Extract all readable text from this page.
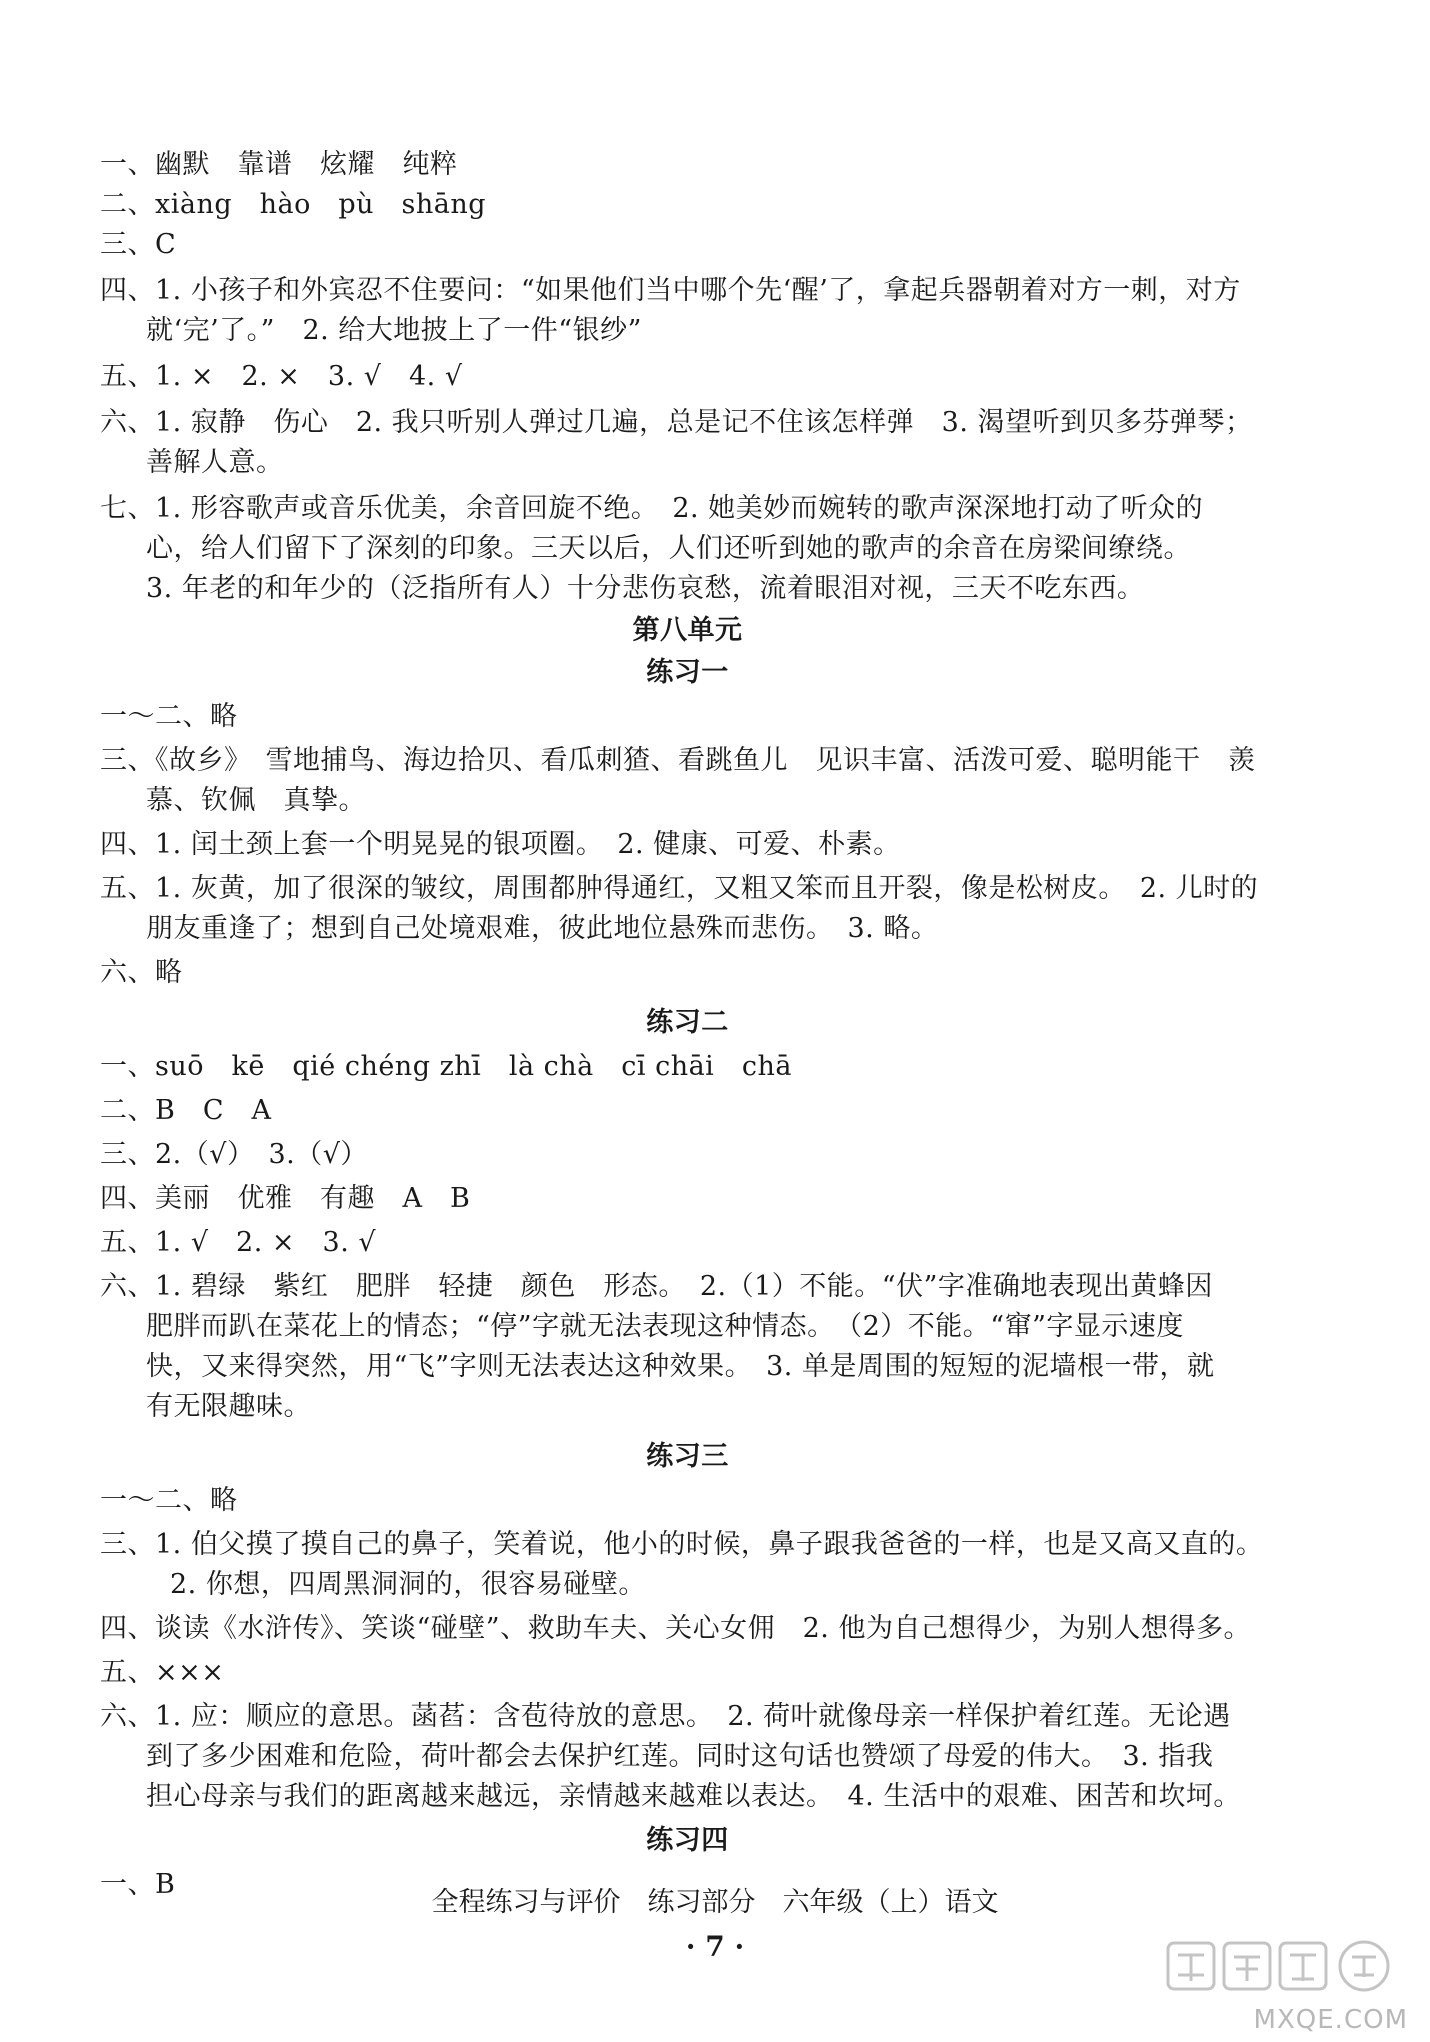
一、幽默　靠谱　炫耀　纯粹
二、xiàng　hào　pù　shāng
三、C
四、1. 小孩子和外宾忍不住要问：“如果他们当中哪个先‘醒’了，拿起兵器朝着对方一刺，对方
就‘完’了。”　2. 给大地披上了一件“银纱”
五、1. ×　2. ×　3. √　4. √
六、1. 寂静　伤心　2. 我只听别人弹过几遍，总是记不住该怎样弹　3. 渴望听到贝多芬弹琴；
善解人意。
七、1. 形容歌声或音乐优美，余音回旋不绝。　2. 她美妙而婉转的歌声深深地打动了听众的
心，给人们留下了深刻的印象。三天以后，人们还听到她的歌声的余音在房梁间缭绕。
3. 年老的和年少的（泛指所有人）十分悲伤哀愁，流着眼泪对视，三天不吃东西。
第八单元
练习一
一～二、略
三、《故乡》　雪地捕鸟、海边拾贝、看瓜刺猹、看跳鱼儿　见识丰富、活泼可爱、聪明能干　羡
慕、钦佩　真挚。
四、1. 闰土颈上套一个明晃晃的银项圈。　2. 健康、可爱、朴素。
五、1. 灰黄，加了很深的皱纹，周围都肿得通红，又粗又笨而且开裂，像是松树皮。　2. 儿时的
朋友重逢了；想到自己处境艰难，彼此地位悬殊而悲伤。　3. 略。
六、略
练习二
一、suō　kē　qié chéng zhī　là chà　cī chāi　chā
二、B　C　A
三、2.（√）　3.（√）
四、美丽　优雅　有趣　A　B
五、1. √　2. ×　3. √
六、1. 碧绿　紫红　肥胖　轻捷　颜色　形态。　2.（1）不能。“伏”字准确地表现出黄蜂因
肥胖而趴在菜花上的情态；“停”字就无法表现这种情态。　（2）不能。“窜”字显示速度
快，又来得突然，用“飞”字则无法表达这种效果。　3. 单是周围的短短的泥墙根一带，就
有无限趣味。
练习三
一～二、略
三、1. 伯父摸了摸自己的鼻子，笑着说，他小的时候，鼻子跟我爸爸的一样，也是又高又直的。
2. 你想，四周黑洞洞的，很容易碰壁。
四、谈读《水浒传》、笑谈“碰壁”、救助车夫、关心女佣　2. 他为自己想得少，为别人想得多。
五、×××
六、1. 应：顺应的意思。菡萏：含苞待放的意思。　2. 荷叶就像母亲一样保护着红莲。无论遇
到了多少困难和危险，荷叶都会去保护红莲。同时这句话也赞颂了母爱的伟大。　3. 指我
担心母亲与我们的距离越来越远，亲情越来越难以表达。　4. 生活中的艰难、困苦和坎坷。
练习四
一、B
全程练习与评价　练习部分　六年级（上）语文
· 7 ·
MXQE.COM
